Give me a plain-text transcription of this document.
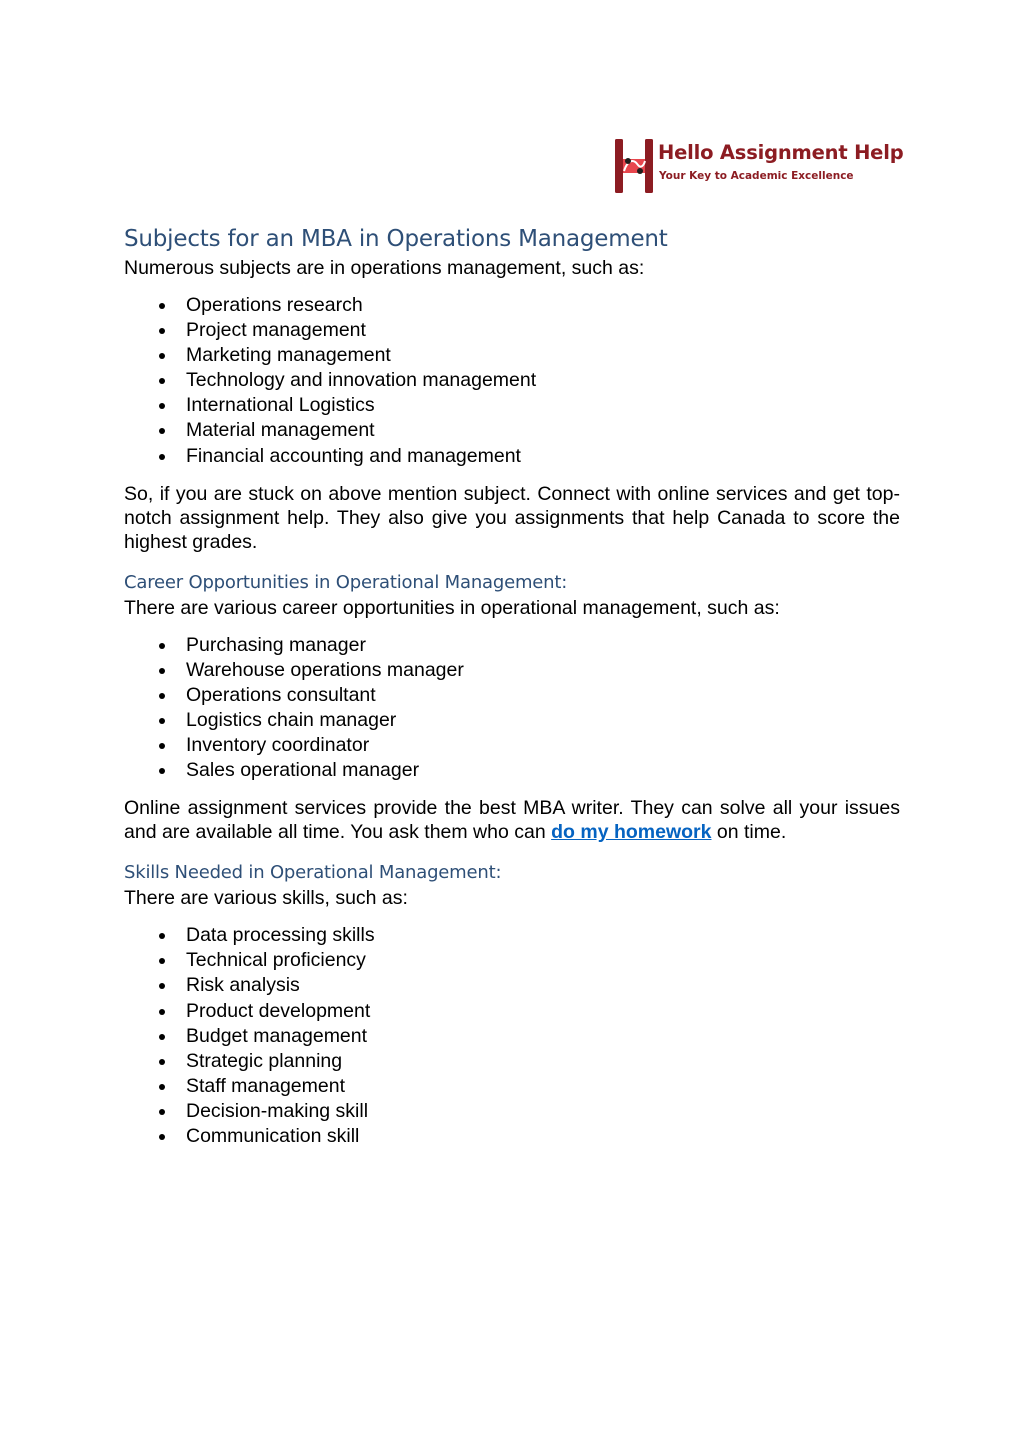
Hello Assignment Help
Your Key to Academic Excellence
Subjects for an MBA in Operations Management

Numerous subjects are in operations management, such as:

Operations research
Project management
Marketing management
Technology and innovation management
International Logistics
Material management
Financial accounting and management

So, if you are stuck on above mention subject. Connect with online services and get top-notch assignment help. They also give you assignments that help Canada to score the highest grades.

Career Opportunities in Operational Management:

There are various career opportunities in operational management, such as:

Purchasing manager
Warehouse operations manager
Operations consultant
Logistics chain manager
Inventory coordinator
Sales operational manager

Online assignment services provide the best MBA writer. They can solve all your issues and are available all time. You ask them who can do my homework on time.

Skills Needed in Operational Management:

There are various skills, such as:

Data processing skills
Technical proficiency
Risk analysis
Product development
Budget management
Strategic planning
Staff management
Decision-making skill
Communication skill
